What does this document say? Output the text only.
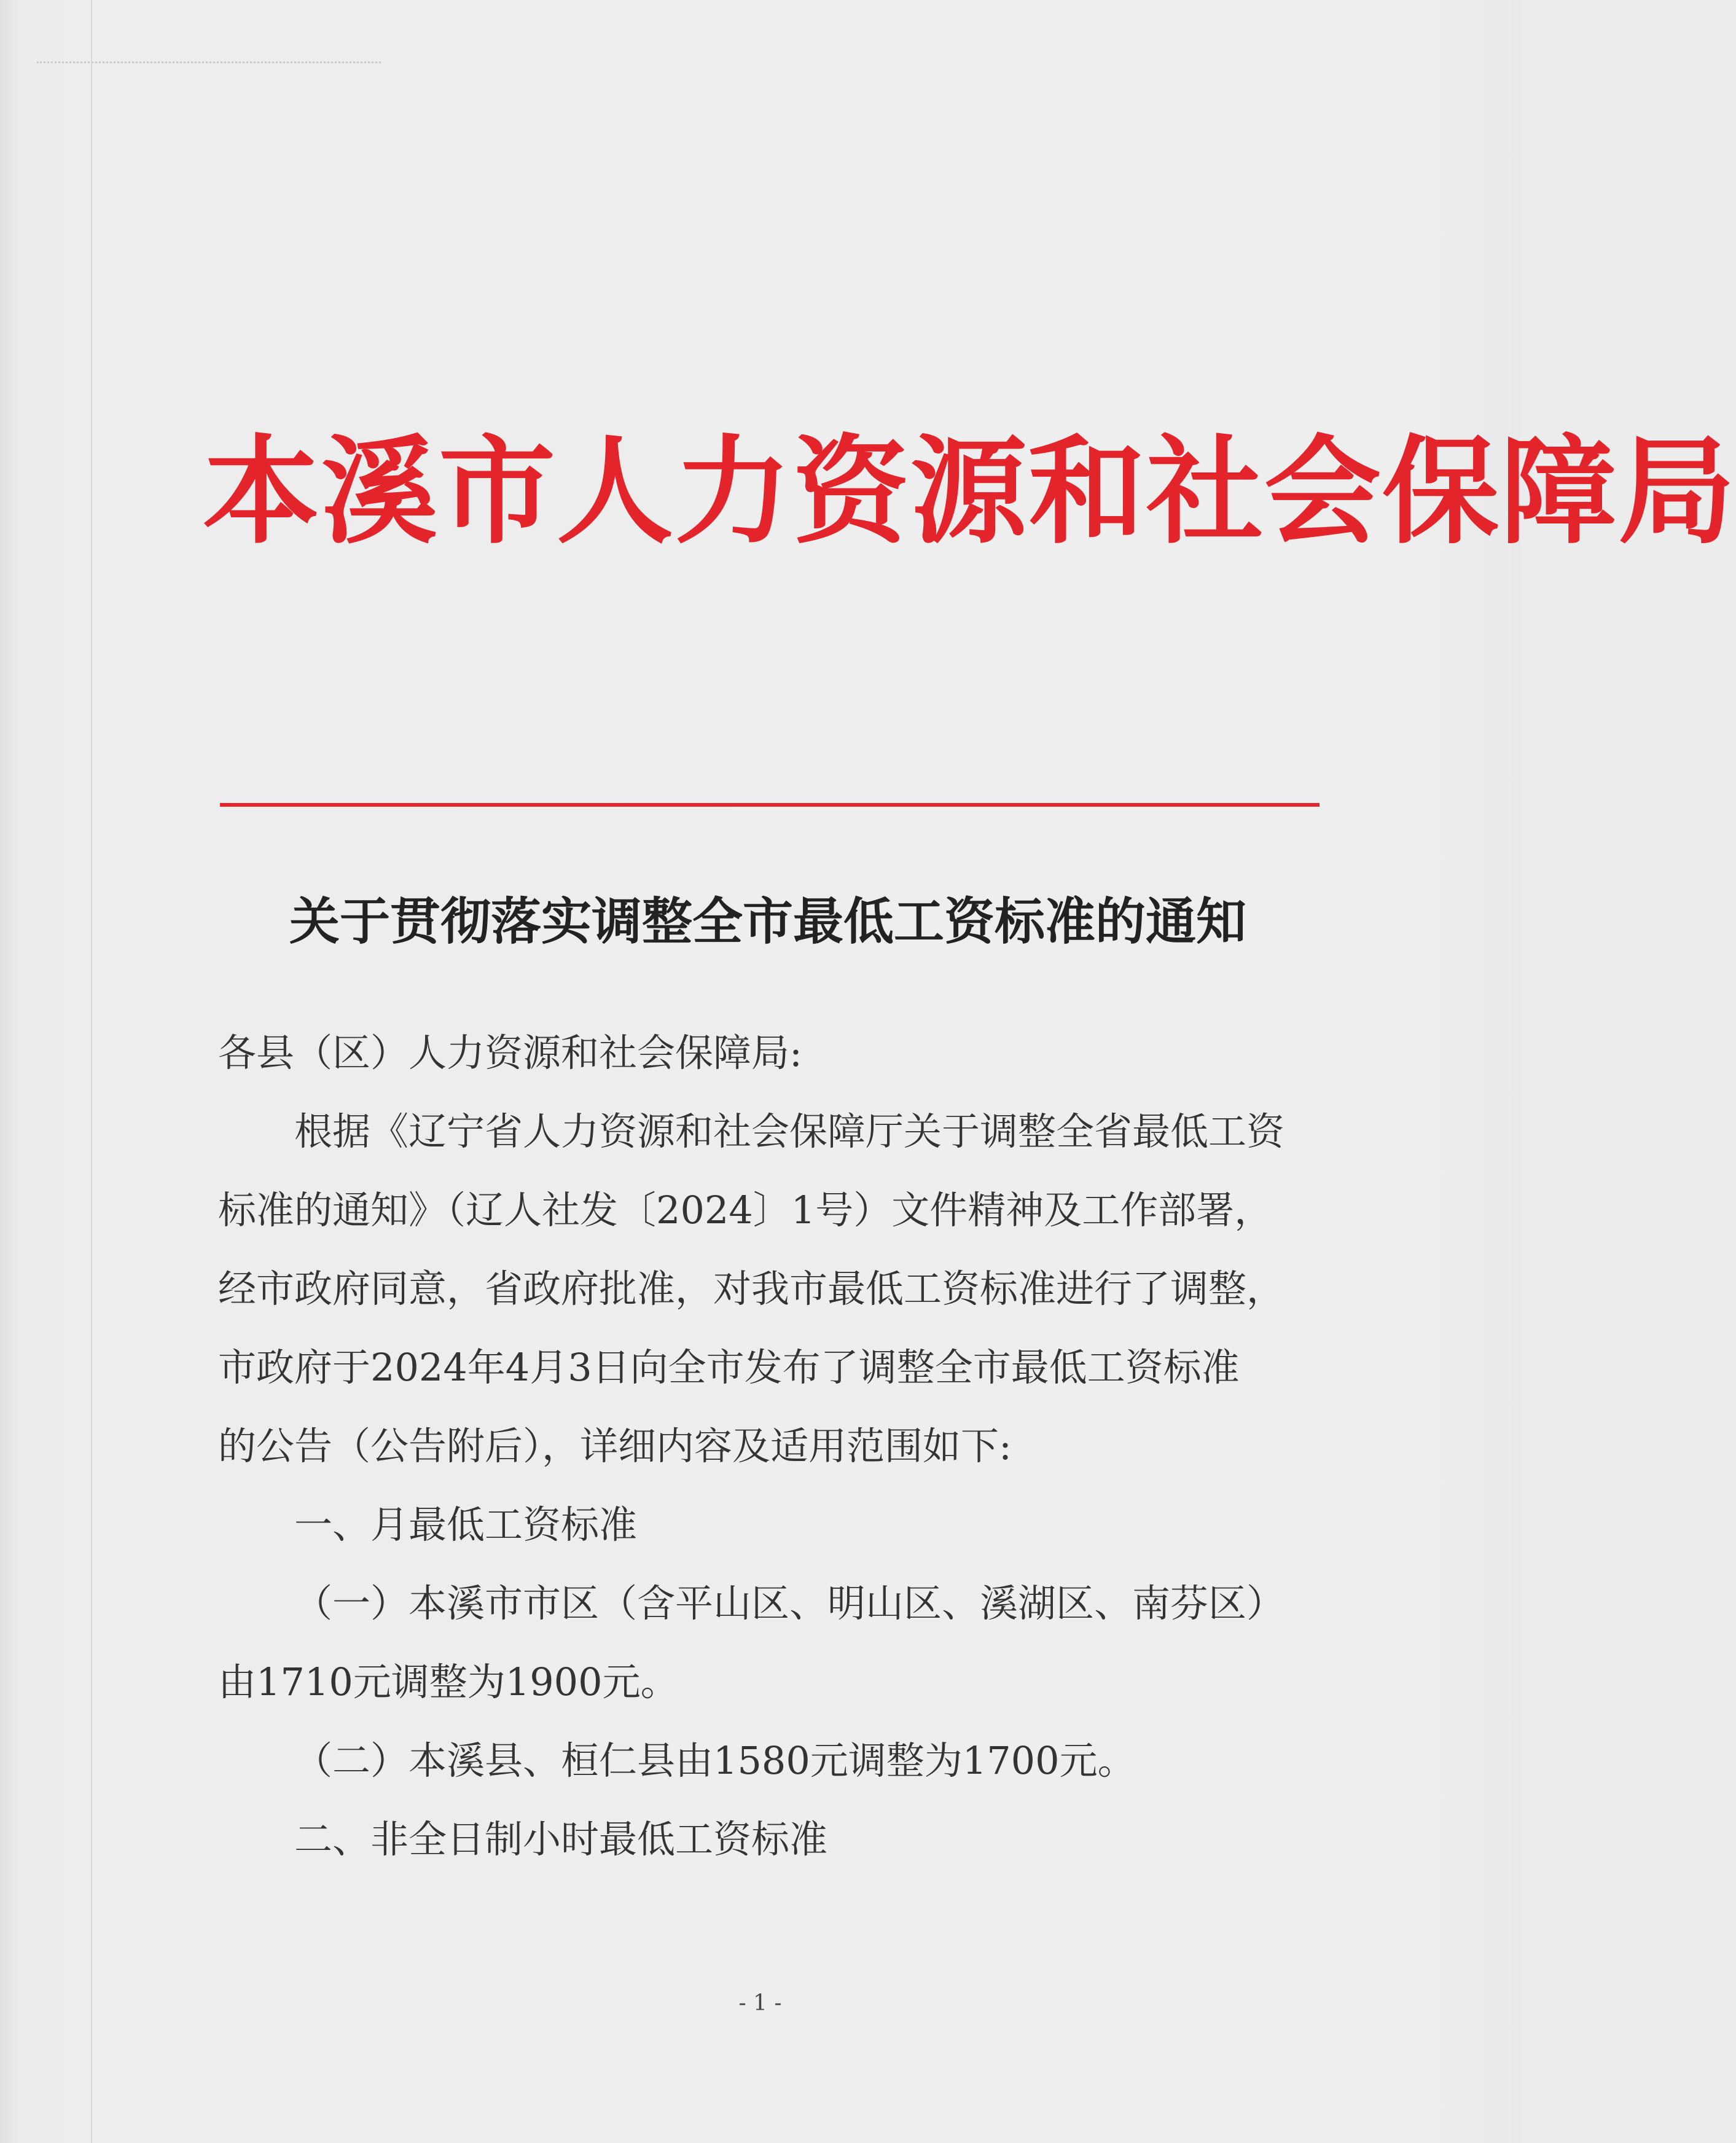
本溪市人力资源和社会保障局
关于贯彻落实调整全市最低工资标准的通知
各县（区）人力资源和社会保障局:
根据《辽宁省人力资源和社会保障厅关于调整全省最低工资
标准的通知》（辽人社发〔2024〕1号）文件精神及工作部署，
经市政府同意，省政府批准，对我市最低工资标准进行了调整，
市政府于2024年4月3日向全市发布了调整全市最低工资标准
的公告（公告附后），详细内容及适用范围如下:
一、月最低工资标准
（一）本溪市市区（含平山区、明山区、溪湖区、南芬区）
由1710元调整为1900元。
（二）本溪县、桓仁县由1580元调整为1700元。
二、非全日制小时最低工资标准
- 1 -
